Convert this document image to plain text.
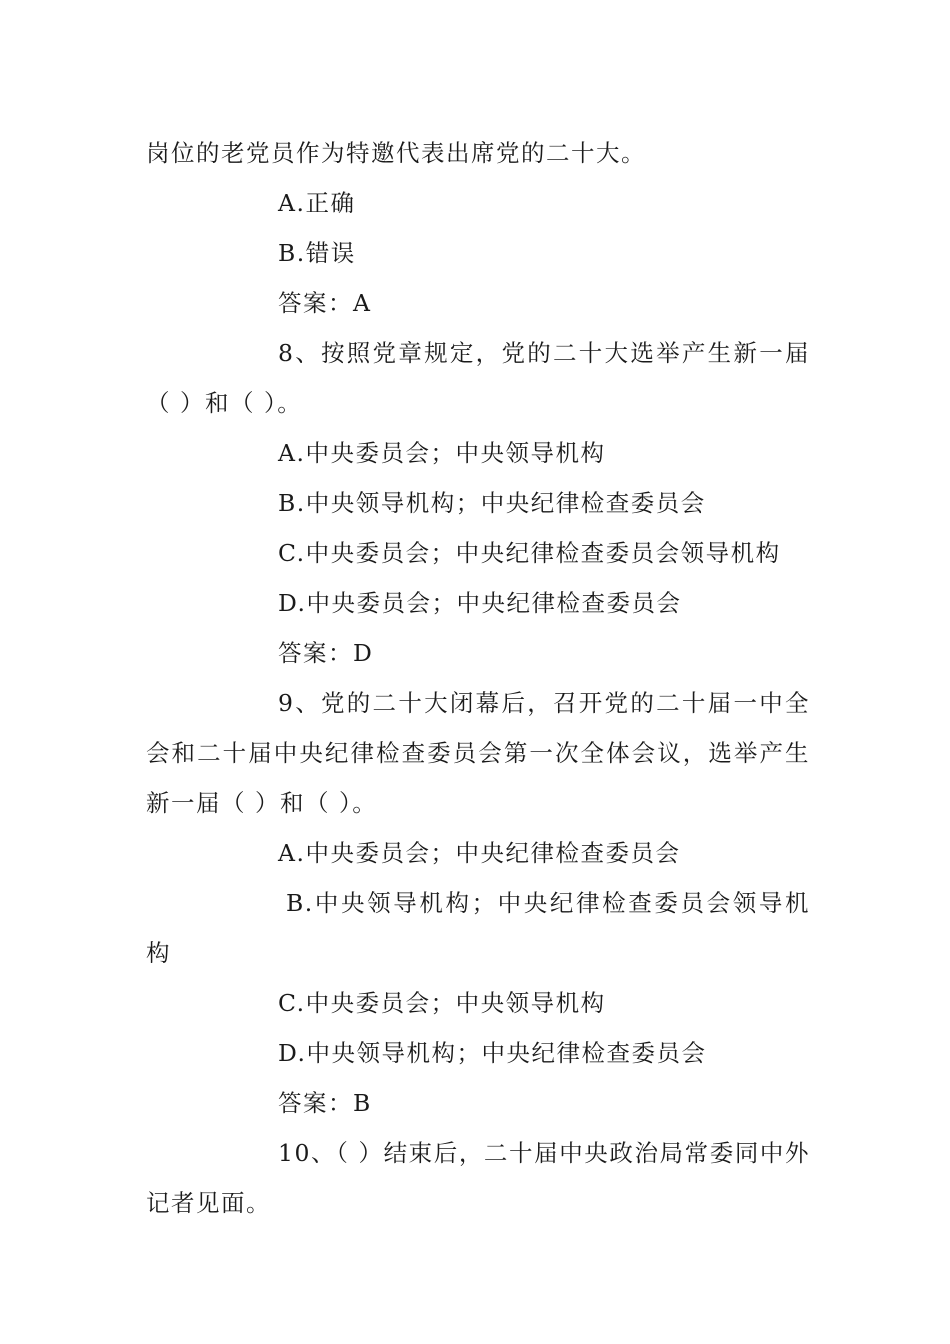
岗位的老党员作为特邀代表出席党的二十大。

A.正确

B.错误

答案：A

8、按照党章规定，党的二十大选举产生新一届（ ）和（ ）。

A.中央委员会；中央领导机构

B.中央领导机构；中央纪律检查委员会

C.中央委员会；中央纪律检查委员会领导机构

D.中央委员会；中央纪律检查委员会

答案：D

9、党的二十大闭幕后，召开党的二十届一中全会和二十届中央纪律检查委员会第一次全体会议，选举产生新一届（ ）和（ ）。

A.中央委员会；中央纪律检查委员会

B.中央领导机构；中央纪律检查委员会领导机构

C.中央委员会；中央领导机构

D.中央领导机构；中央纪律检查委员会

答案：B

10、（ ）结束后，二十届中央政治局常委同中外记者见面。
